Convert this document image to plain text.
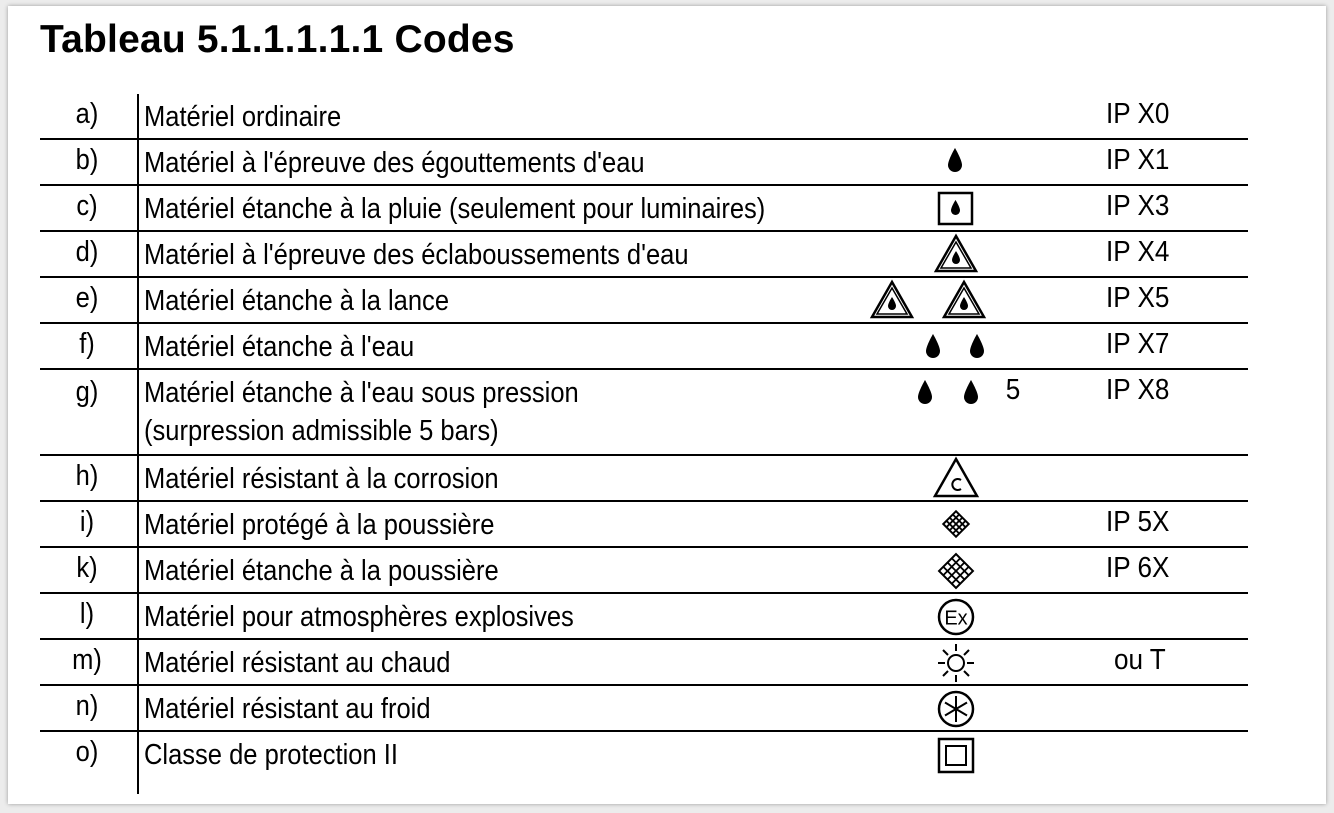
Tableau 5.1.1.1.1.1 Codes
a)	Matériel ordinaire	IP X0
b)	Matériel à l'épreuve des égouttements d'eau	IP X1
c)	Matériel étanche à la pluie (seulement pour luminaires)	IP X3
d)	Matériel à l'épreuve des éclaboussements d'eau	IP X4
e)	Matériel étanche à la lance	IP X5
f)	Matériel étanche à l'eau	IP X7
g)	Matériel étanche à l'eau sous pression
(surpression admissible 5 bars)
5	IP X8
h)	Matériel résistant à la corrosion
i)	Matériel protégé à la poussière	IP 5X
k)	Matériel étanche à la poussière	IP 6X
l)	Matériel pour atmosphères explosives	Ex
m)	Matériel résistant au chaud	ou T
n)	Matériel résistant au froid
o)	Classe de protection II
